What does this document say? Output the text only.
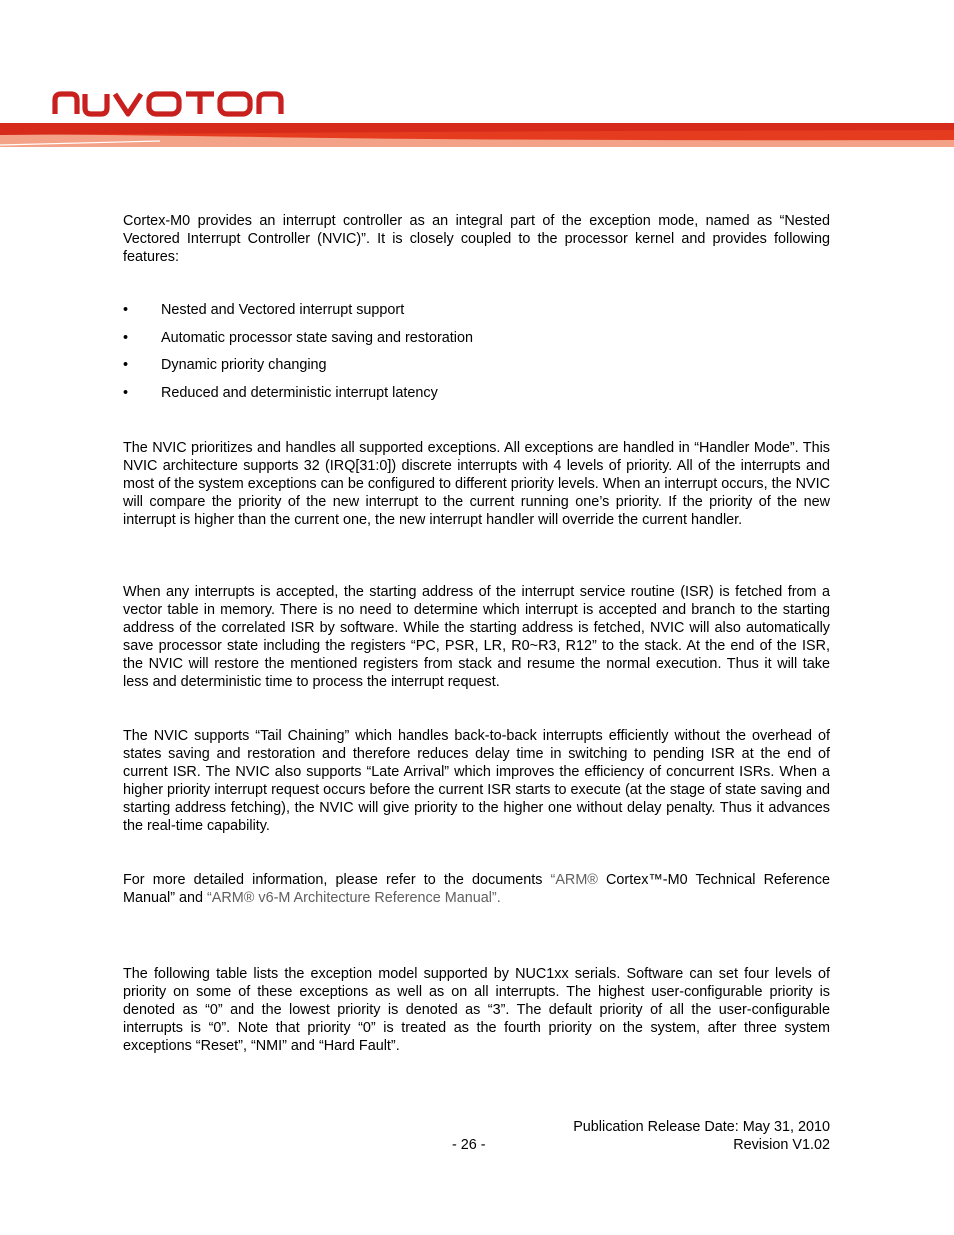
Cortex-M0 provides an interrupt controller as an integral part of the exception mode, named as “Nested Vectored Interrupt Controller (NVIC)”. It is closely coupled to the processor kernel and provides following features:

•	Nested and Vectored interrupt support
•	Automatic processor state saving and restoration
•	Dynamic priority changing
•	Reduced and deterministic interrupt latency

The NVIC prioritizes and handles all supported exceptions. All exceptions are handled in “Handler Mode”. This NVIC architecture supports 32 (IRQ[31:0]) discrete interrupts with 4 levels of priority. All of the interrupts and most of the system exceptions can be configured to different priority levels. When an interrupt occurs, the NVIC will compare the priority of the new interrupt to the current running one’s priority. If the priority of the new interrupt is higher than the current one, the new interrupt handler will override the current handler.

When any interrupts is accepted, the starting address of the interrupt service routine (ISR) is fetched from a vector table in memory. There is no need to determine which interrupt is accepted and branch to the starting address of the correlated ISR by software. While the starting address is fetched, NVIC will also automatically save processor state including the registers “PC, PSR, LR, R0~R3, R12” to the stack. At the end of the ISR, the NVIC will restore the mentioned registers from stack and resume the normal execution. Thus it will take less and deterministic time to process the interrupt request.

The NVIC supports “Tail Chaining” which handles back-to-back interrupts efficiently without the overhead of states saving and restoration and therefore reduces delay time in switching to pending ISR at the end of current ISR. The NVIC also supports “Late Arrival” which improves the efficiency of concurrent ISRs. When a higher priority interrupt request occurs before the current ISR starts to execute (at the stage of state saving and starting address fetching), the NVIC will give priority to the higher one without delay penalty. Thus it advances the real-time capability.

For more detailed information, please refer to the documents “ARM® Cortex™-M0 Technical Reference Manual” and “ARM® v6-M Architecture Reference Manual”.

The following table lists the exception model supported by NUC1xx serials. Software can set four levels of priority on some of these exceptions as well as on all interrupts. The highest user-configurable priority is denoted as “0” and the lowest priority is denoted as “3”. The default priority of all the user-configurable interrupts is “0”. Note that priority “0” is treated as the fourth priority on the system, after three system exceptions “Reset”, “NMI” and “Hard Fault”.

Publication Release Date: May 31, 2010
- 26 -	Revision V1.02
